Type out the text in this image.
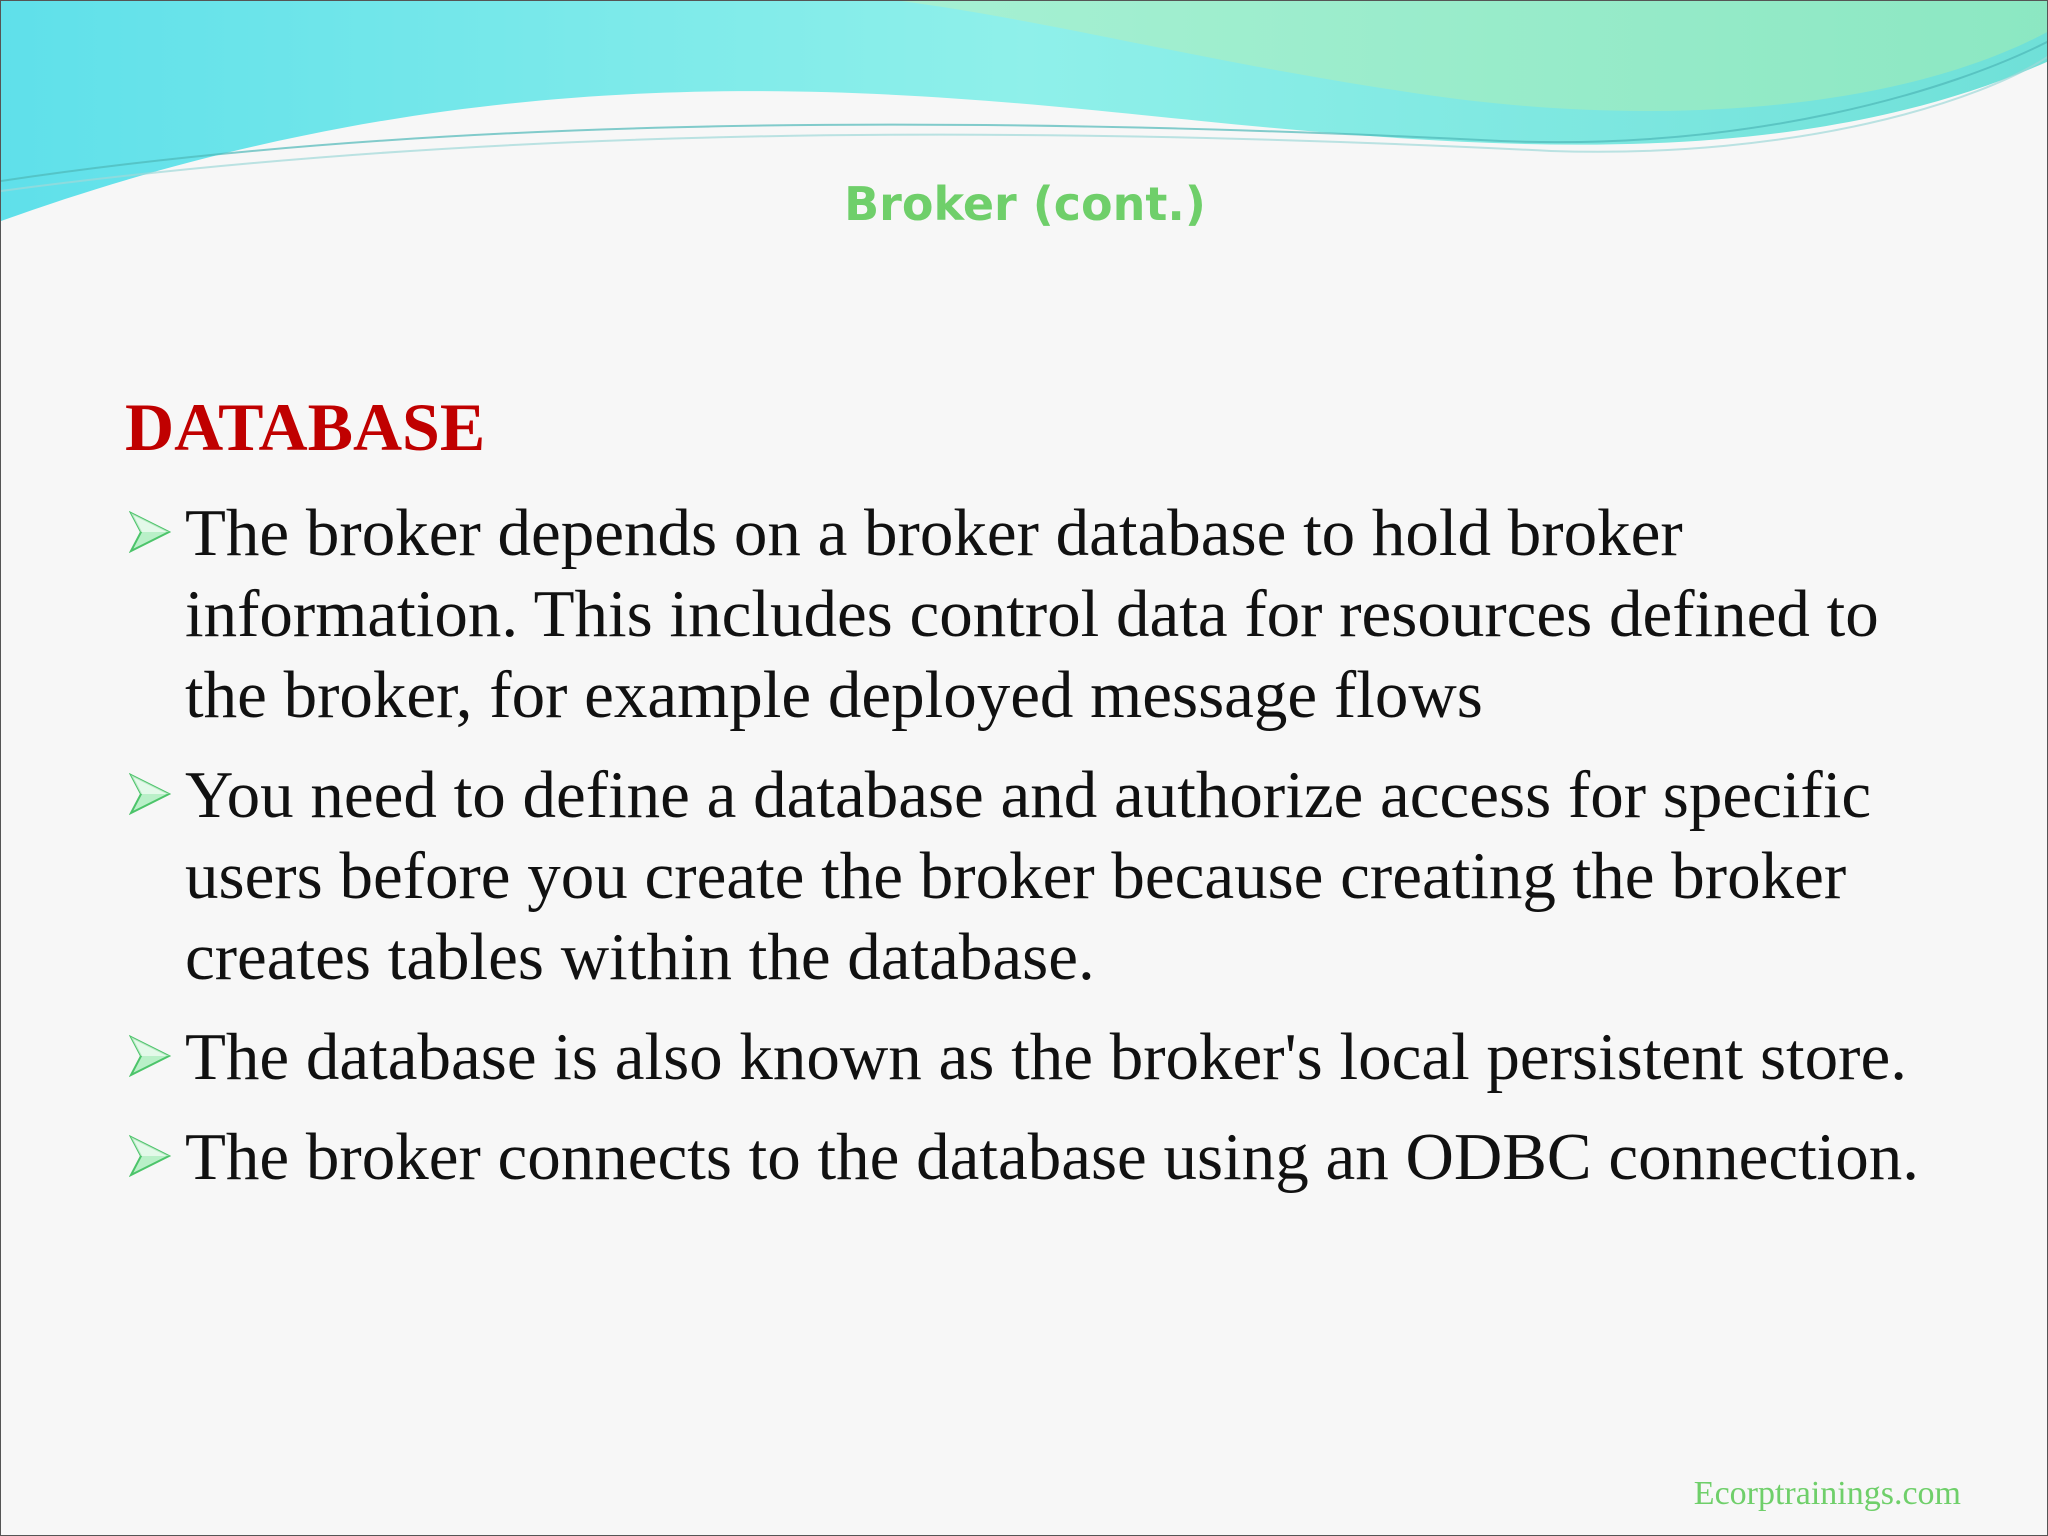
Broker (cont.)
DATABASE
The broker depends on a broker database to hold broker information. This includes control data for resources defined to the broker, for example deployed message flows
You need to define a database and authorize access for specific users before you create the broker because creating the broker creates tables within the database.
The database is also known as the broker's local persistent store.
The broker connects to the database using an ODBC connection.

Ecorptrainings.com
